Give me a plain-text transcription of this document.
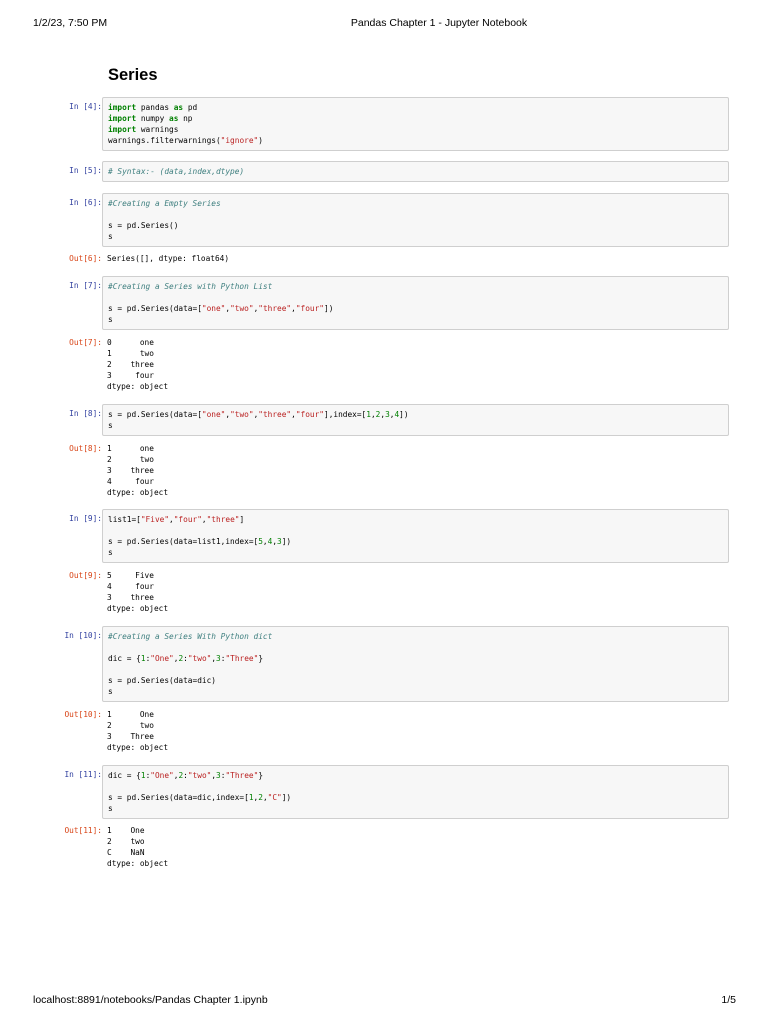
1/2/23, 7:50 PM	Pandas Chapter 1 - Jupyter Notebook
Series
In [4]: import pandas as pd
import numpy as np
import warnings
warnings.filterwarnings("ignore")
In [5]: # Syntax:- (data,index,dtype)
In [6]: #Creating a Empty Series

s = pd.Series()
s
Out[6]: Series([], dtype: float64)
In [7]: #Creating a Series with Python List

s = pd.Series(data=["one","two","three","four"])
s
Out[7]: 0      one
1      two
2    three
3     four
dtype: object
In [8]: s = pd.Series(data=["one","two","three","four"],index=[1,2,3,4])
s
Out[8]: 1      one
2      two
3    three
4     four
dtype: object
In [9]: list1=["Five","four","three"]

s = pd.Series(data=list1,index=[5,4,3])
s
Out[9]: 5     Five
4     four
3    three
dtype: object
In [10]: #Creating a Series With Python dict

dic = {1:"One",2:"two",3:"Three"}

s = pd.Series(data=dic)
s
Out[10]: 1      One
2      two
3    Three
dtype: object
In [11]: dic = {1:"One",2:"two",3:"Three"}

s = pd.Series(data=dic,index=[1,2,"C"])
s
Out[11]: 1    One
2    two
C    NaN
dtype: object
localhost:8891/notebooks/Pandas Chapter 1.ipynb	1/5
